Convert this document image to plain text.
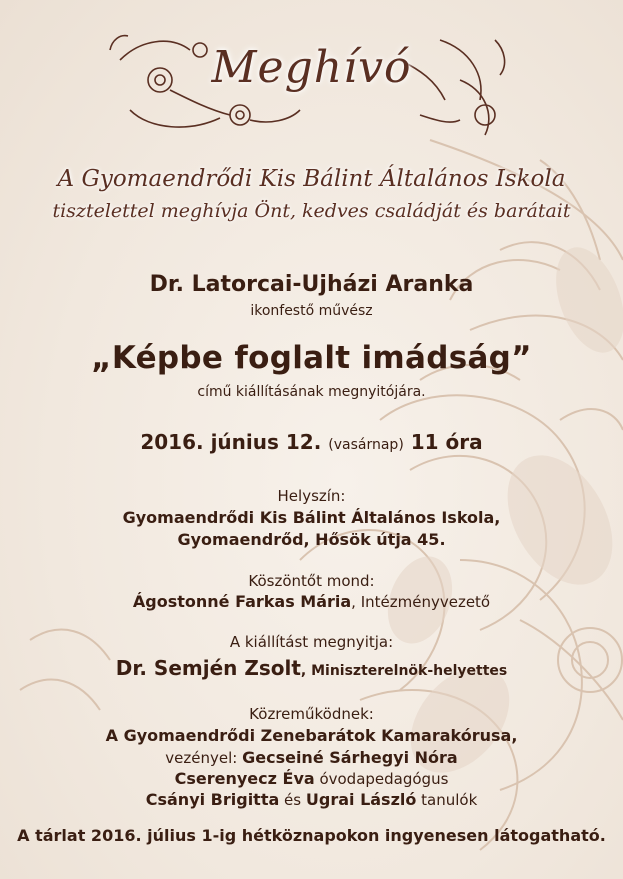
Meghívó
A Gyomaendrődi Kis Bálint Általános Iskola
tisztelettel meghívja Önt, kedves családját és barátait
Dr. Latorcai-Ujházi Aranka
ikonfestő művész
„Képbe foglalt imádság”
című kiállításának megnyitójára.
2016. június 12. (vasárnap) 11 óra
Helyszín:
Gyomaendrődi Kis Bálint Általános Iskola,
Gyomaendrőd, Hősök útja 45.
Köszöntőt mond:
Ágostonné Farkas Mária, Intézményvezető
A kiállítást megnyitja:
Dr. Semjén Zsolt, Miniszterelnök-helyettes
Közreműködnek:
A Gyomaendrődi Zenebarátok Kamarakórusa,
vezényel: Gecseiné Sárhegyi Nóra
Cserenyecz Éva óvodapedagógus
Csányi Brigitta és Ugrai László tanulók
A tárlat 2016. július 1-ig hétköznapokon ingyenesen látogatható.
